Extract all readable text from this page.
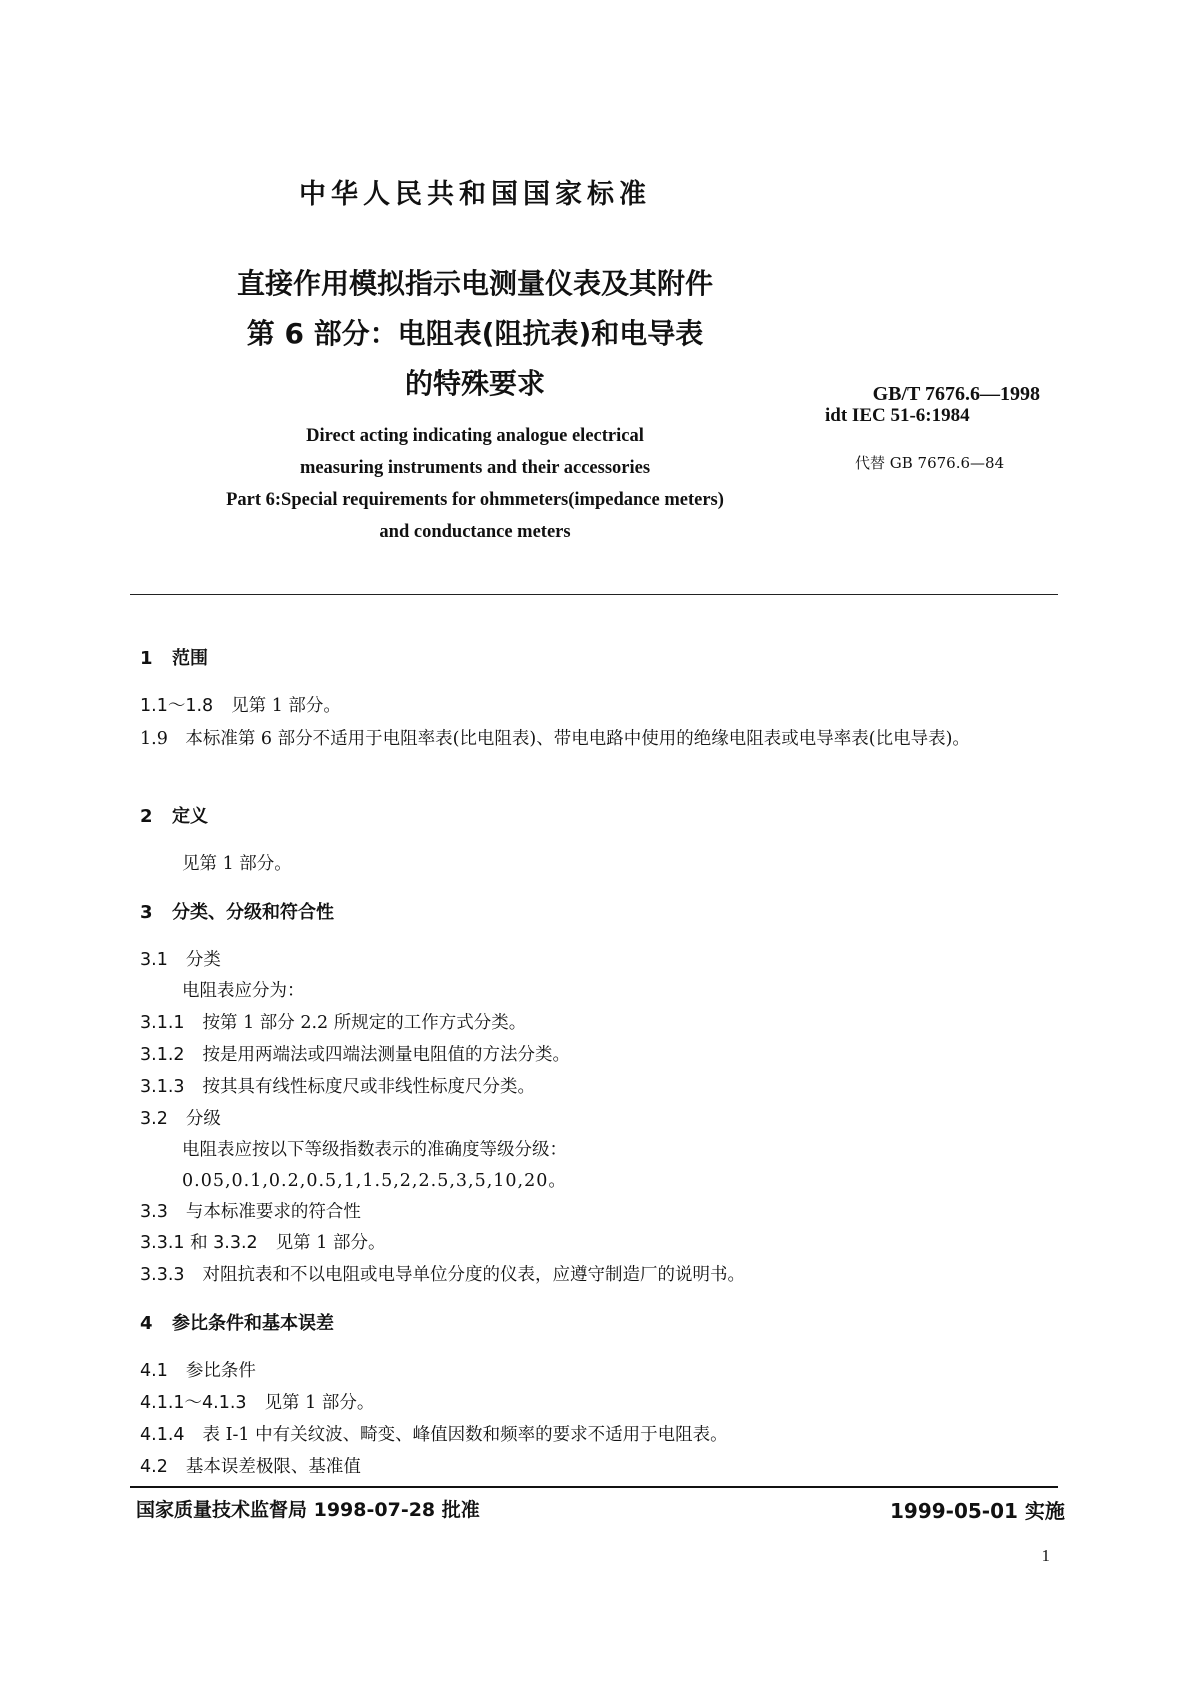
中华人民共和国国家标准
直接作用模拟指示电测量仪表及其附件
第 6 部分：电阻表(阻抗表)和电导表
的特殊要求	GB/T 7676.6—1998
idt IEC 51-6:1984
代替 GB 7676.6—84
Direct acting indicating analogue electrical
measuring instruments and their accessories
Part 6:Special requirements for ohmmeters(impedance meters)
and conductance meters
1 范围
1.1～1.8 见第 1 部分。
1.9　本标准第 6 部分不适用于电阻率表(比电阻表)、带电电路中使用的绝缘电阻表或电导率表(比电导表)。
2 定义
见第 1 部分。
3 分类、分级和符合性
3.1 分类
电阻表应分为：
3.1.1 按第 1 部分 2.2 所规定的工作方式分类。
3.1.2 按是用两端法或四端法测量电阻值的方法分类。
3.1.3 按其具有线性标度尺或非线性标度尺分类。
3.2 分级
电阻表应按以下等级指数表示的准确度等级分级：
0.05,0.1,0.2,0.5,1,1.5,2,2.5,3,5,10,20。
3.3 与本标准要求的符合性
3.3.1 和 3.3.2 见第 1 部分。
3.3.3 对阻抗表和不以电阻或电导单位分度的仪表，应遵守制造厂的说明书。
4 参比条件和基本误差
4.1 参比条件
4.1.1～4.1.3 见第 1 部分。
4.1.4 表 I-1 中有关纹波、畸变、峰值因数和频率的要求不适用于电阻表。
4.2 基本误差极限、基准值
国家质量技术监督局 1998-07-28 批准	1999-05-01 实施
1
